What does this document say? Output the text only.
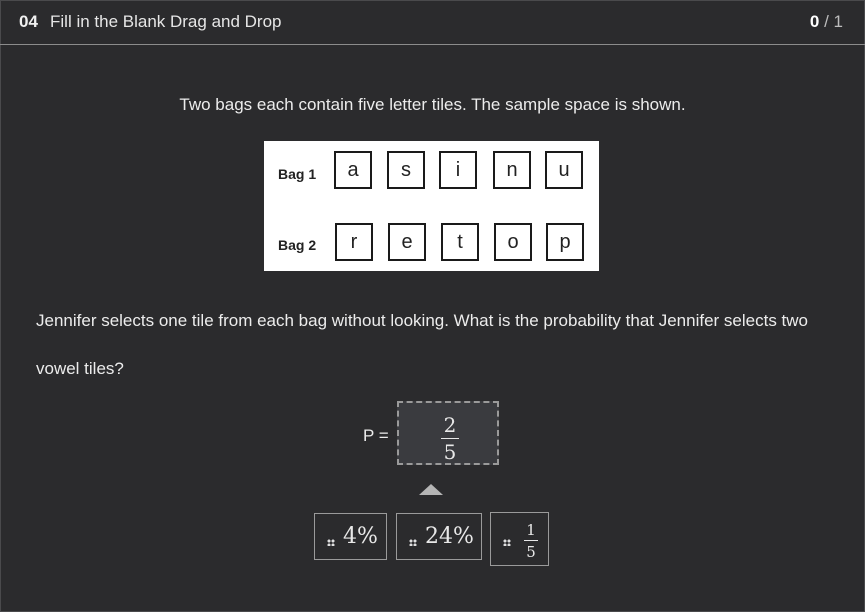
04 Fill in the Blank Drag and Drop	0 / 1
Two bags each contain five letter tiles. The sample space is shown.
Bag 1	a	s	i	n	u
Bag 2	r	e	t	o	p
Jennifer selects one tile from each bag without looking. What is the probability that Jennifer selects two vowel tiles?
P =	2
5
4% 24%	1
5
